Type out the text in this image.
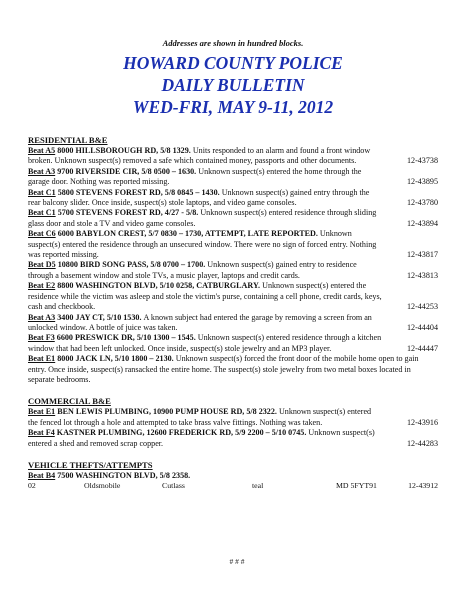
Addresses are shown in hundred blocks.
HOWARD COUNTY POLICE
DAILY BULLETIN
WED-FRI, MAY 9-11, 2012
RESIDENTIAL B&E
Beat A5 8000 HILLSBOROUGH RD, 5/8 1329. Units responded to an alarm and found a front window broken. Unknown suspect(s) removed a safe which contained money, passports and other documents.	12-43738
Beat A3 9700 RIVERSIDE CIR, 5/8 0500 – 1630. Unknown suspect(s) entered the home through the garage door. Nothing was reported missing.	12-43895
Beat C1 5800 STEVENS FOREST RD, 5/8 0845 – 1430. Unknown suspect(s) gained entry through the rear balcony slider. Once inside, suspect(s) stole laptops, and video game consoles.	12-43780
Beat C1 5700 STEVENS FOREST RD, 4/27 - 5/8. Unknown suspect(s) entered residence through sliding glass door and stole a TV and video game consoles.	12-43894
Beat C6 6000 BABYLON CREST, 5/7 0830 – 1730, ATTEMPT, LATE REPORTED. Unknown suspect(s) entered the residence through an unsecured window. There were no sign of forced entry. Nothing was reported missing.	12-43817
Beat D5 10800 BIRD SONG PASS, 5/8 0700 – 1700. Unknown suspect(s) gained entry to residence through a basement window and stole TVs, a music player, laptops and credit cards.	12-43813
Beat E2 8800 WASHINGTON BLVD, 5/10 0258, CATBURGLARY. Unknown suspect(s) entered the residence while the victim was asleep and stole the victim's purse, containing a cell phone, credit cards, keys, cash and checkbook.	12-44253
Beat A3 3400 JAY CT, 5/10 1530. A known subject had entered the garage by removing a screen from an unlocked window. A bottle of juice was taken.	12-44404
Beat F3 6600 PRESWICK DR, 5/10 1300 – 1545. Unknown suspect(s) entered residence through a kitchen window that had been left unlocked. Once inside, suspect(s) stole jewelry and an MP3 player.	12-44447
Beat E1 8000 JACK LN, 5/10 1800 – 2130. Unknown suspect(s) forced the front door of the mobile home open to gain entry. Once inside, suspect(s) ransacked the entire home. The suspect(s) stole jewelry from two metal boxes located in separate bedrooms.
COMMERCIAL B&E
Beat E1 BEN LEWIS PLUMBING, 10900 PUMP HOUSE RD, 5/8 2322. Unknown suspect(s) entered the fenced lot through a hole and attempted to take brass valve fittings. Nothing was taken.	12-43916
Beat F4 KASTNER PLUMBING, 12600 FREDERICK RD, 5/9 2200 – 5/10 0745. Unknown suspect(s) entered a shed and removed scrap copper.	12-44283
VEHICLE THEFTS/ATTEMPTS
Beat B4 7500 WASHINGTON BLVD, 5/8 2358.
02	Oldsmobile	Cutlass	teal	MD 5FYT91	12-43912
# # #
